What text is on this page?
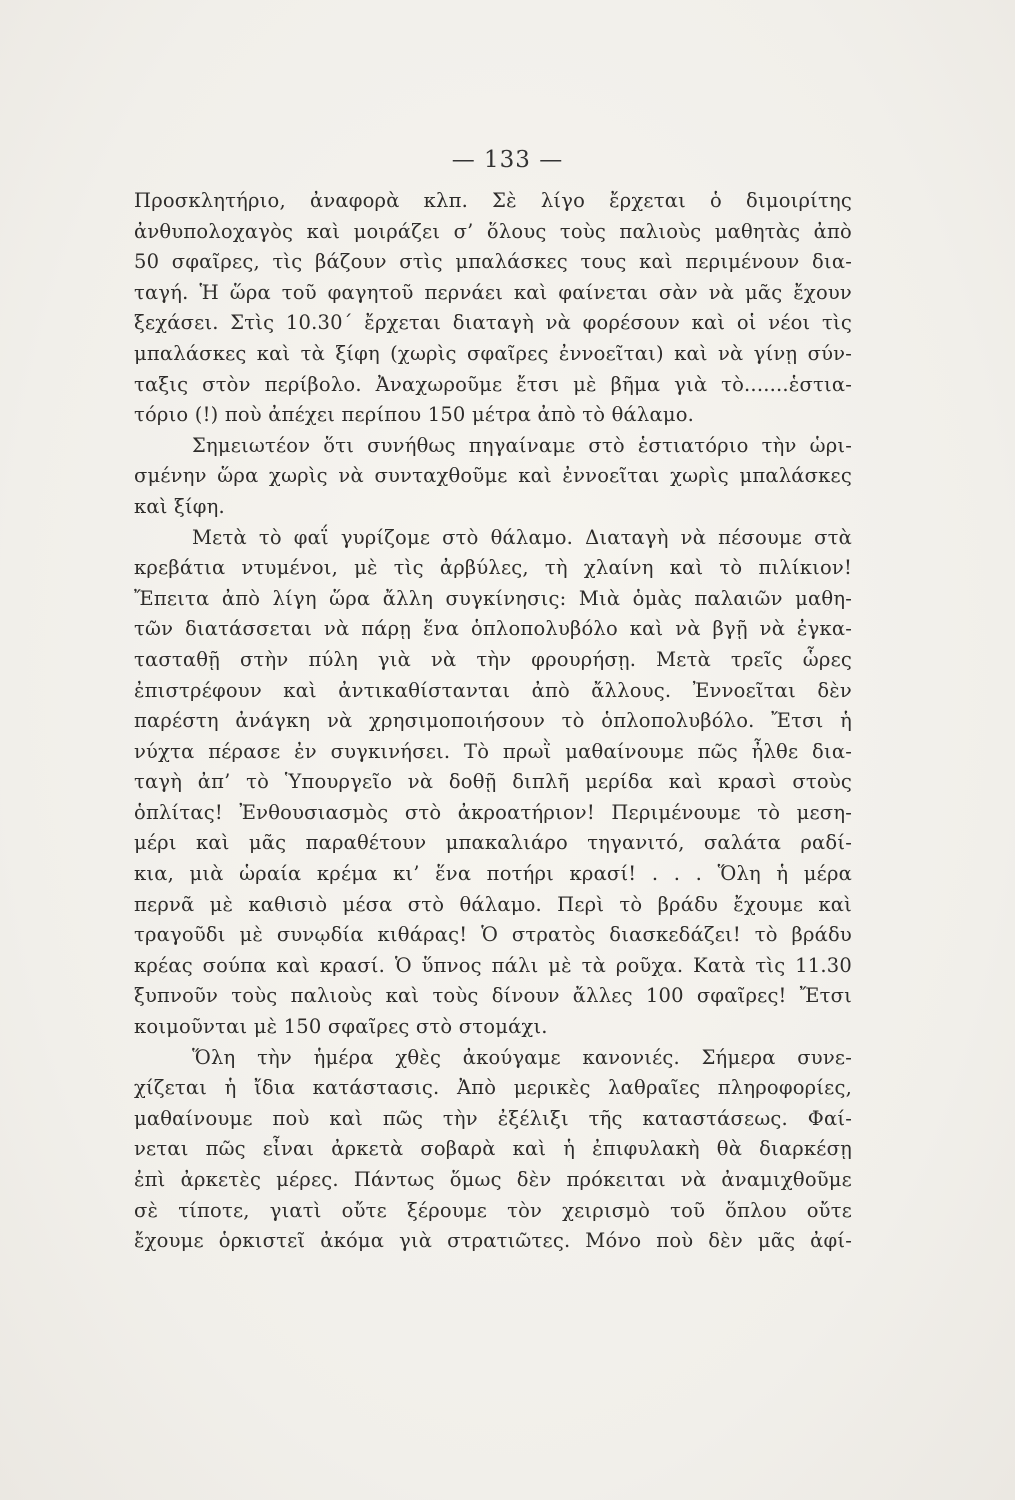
— 133 —
Προσκλητήριο, ἀναφορὰ κλπ. Σὲ λίγο ἔρχεται ὁ διμοιρίτης
ἀνθυπολοχαγὸς καὶ μοιράζει σ’ ὅλους τοὺς παλιοὺς μαθητὰς ἀπὸ
50 σφαῖρες, τὶς βάζουν στὶς μπαλάσκες τους καὶ περιμένουν δια-
ταγή. Ἡ ὥρα τοῦ φαγητοῦ περνάει καὶ φαίνεται σὰν νὰ μᾶς ἔχουν
ξεχάσει. Στὶς 10.30΄ ἔρχεται διαταγὴ νὰ φορέσουν καὶ οἱ νέοι τὶς
μπαλάσκες καὶ τὰ ξίφη (χωρὶς σφαῖρες ἐννοεῖται) καὶ νὰ γίνῃ σύν-
ταξις στὸν περίβολο. Ἀναχωροῦμε ἔτσι μὲ βῆμα γιὰ τὸ.......ἑστια-
τόριο (!) ποὺ ἀπέχει περίπου 150 μέτρα ἀπὸ τὸ θάλαμο.
Σημειωτέον ὅτι συνήθως πηγαίναμε στὸ ἑστιατόριο τὴν ὡρι-
σμένην ὥρα χωρὶς νὰ συνταχθοῦμε καὶ ἐννοεῖται χωρὶς μπαλάσκες
καὶ ξίφη.
Μετὰ τὸ φαΐ γυρίζομε στὸ θάλαμο. Διαταγὴ νὰ πέσουμε στὰ
κρεβάτια ντυμένοι, μὲ τὶς ἀρβύλες, τὴ χλαίνη καὶ τὸ πιλίκιον!
Ἔπειτα ἀπὸ λίγη ὥρα ἄλλη συγκίνησις: Μιὰ ὁμὰς παλαιῶν μαθη-
τῶν διατάσσεται νὰ πάρῃ ἕνα ὁπλοπολυβόλο καὶ νὰ βγῇ νὰ ἐγκα-
τασταθῇ στὴν πύλη γιὰ νὰ τὴν φρουρήσῃ. Μετὰ τρεῖς ὧρες
ἐπιστρέφουν καὶ ἀντικαθίστανται ἀπὸ ἄλλους. Ἐννοεῖται δὲν
παρέστη ἀνάγκη νὰ χρησιμοποιήσουν τὸ ὁπλοπολυβόλο. Ἔτσι ἡ
νύχτα πέρασε ἐν συγκινήσει. Τὸ πρωῒ μαθαίνουμε πῶς ἦλθε δια-
ταγὴ ἀπ’ τὸ Ὑπουργεῖο νὰ δοθῇ διπλῆ μερίδα καὶ κρασὶ στοὺς
ὁπλίτας! Ἐνθουσιασμὸς στὸ ἀκροατήριον! Περιμένουμε τὸ μεση-
μέρι καὶ μᾶς παραθέτουν μπακαλιάρο τηγανιτό, σαλάτα ραδί-
κια, μιὰ ὡραία κρέμα κι’ ἕνα ποτήρι κρασί! . . . Ὅλη ἡ μέρα
περνᾶ μὲ καθισιὸ μέσα στὸ θάλαμο. Περὶ τὸ βράδυ ἔχουμε καὶ
τραγοῦδι μὲ συνῳδία κιθάρας! Ὁ στρατὸς διασκεδάζει! τὸ βράδυ
κρέας σούπα καὶ κρασί. Ὁ ὕπνος πάλι μὲ τὰ ροῦχα. Κατὰ τὶς 11.30
ξυπνοῦν τοὺς παλιοὺς καὶ τοὺς δίνουν ἄλλες 100 σφαῖρες! Ἔτσι
κοιμοῦνται μὲ 150 σφαῖρες στὸ στομάχι.
Ὅλη τὴν ἡμέρα χθὲς ἀκούγαμε κανονιές. Σήμερα συνε-
χίζεται ἡ ἴδια κατάστασις. Ἀπὸ μερικὲς λαθραῖες πληροφορίες,
μαθαίνουμε ποὺ καὶ πῶς τὴν ἐξέλιξι τῆς καταστάσεως. Φαί-
νεται πῶς εἶναι ἀρκετὰ σοβαρὰ καὶ ἡ ἐπιφυλακὴ θὰ διαρκέσῃ
ἐπὶ ἀρκετὲς μέρες. Πάντως ὅμως δὲν πρόκειται νὰ ἀναμιχθοῦμε
σὲ τίποτε, γιατὶ οὔτε ξέρουμε τὸν χειρισμὸ τοῦ ὅπλου οὔτε
ἔχουμε ὁρκιστεῖ ἀκόμα γιὰ στρατιῶτες. Μόνο ποὺ δὲν μᾶς ἀφί-
